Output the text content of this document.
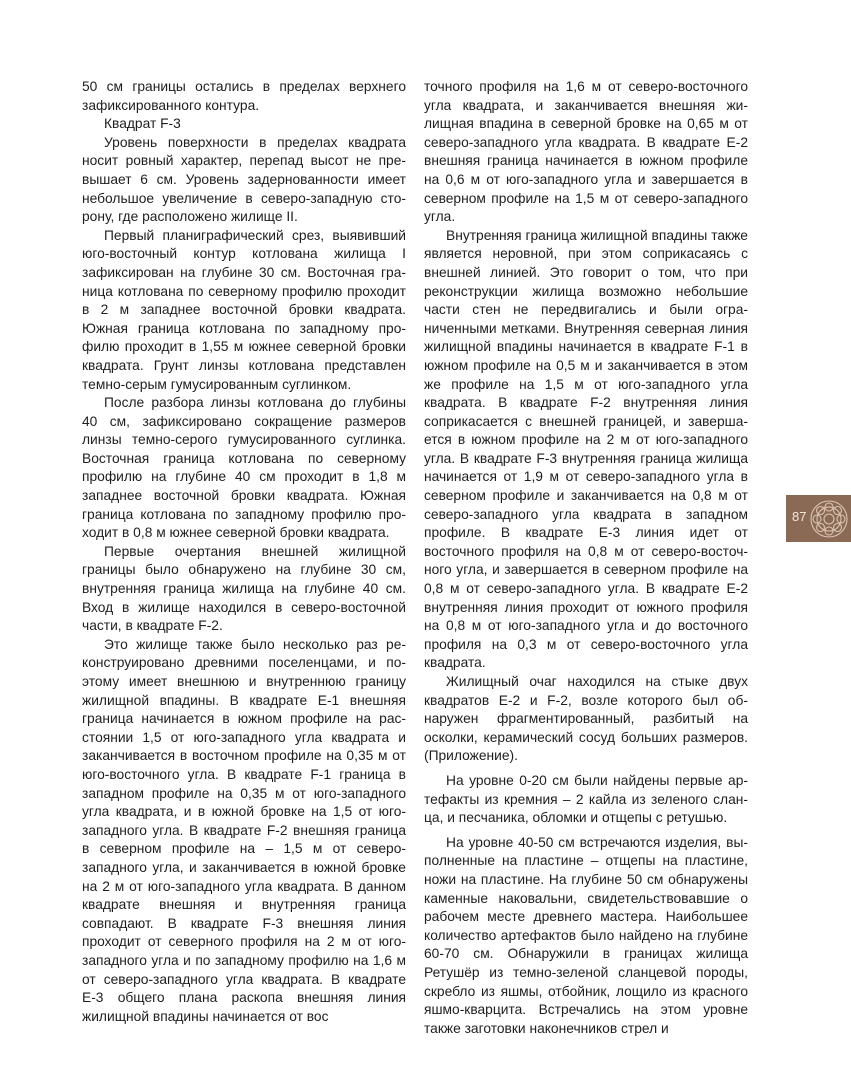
50 см границы остались в пределах верхнего зафиксированного контура.

Квадрат F-3

Уровень поверхности в пределах квадрата носит ровный характер, перепад высот не превышает 6 см. Уровень задернованности имеет небольшое увеличение в северо-западную сторону, где расположено жилище II.

Первый планиграфический срез, выявивший юго-восточный контур котлована жилища I зафиксирован на глубине 30 см. Восточная граница котлована по северному профилю проходит в 2 м западнее восточной бровки квадрата. Южная граница котлована по западному профилю проходит в 1,55 м южнее северной бровки квадрата. Грунт линзы котлована представлен темно-серым гумусированным суглинком.

После разбора линзы котлована до глубины 40 см, зафиксировано сокращение размеров линзы темно-серого гумусированного суглинка. Восточная граница котлована по северному профилю на глубине 40 см проходит в 1,8 м западнее восточной бровки квадрата. Южная граница котлована по западному профилю проходит в 0,8 м южнее северной бровки квадрата.

Первые очертания внешней жилищной границы было обнаружено на глубине 30 см, внутренняя граница жилища на глубине 40 см. Вход в жилище находился в северо-восточной части, в квадрате F-2.

Это жилище также было несколько раз реконструировано древними поселенцами, и поэтому имеет внешнюю и внутреннюю границу жилищной впадины. В квадрате Е-1 внешняя граница начинается в южном профиле на расстоянии 1,5 от юго-западного угла квадрата и заканчивается в восточном профиле на 0,35 м от юго-восточного угла. В квадрате F-1 граница в западном профиле на 0,35 м от юго-западного угла квадрата, и в южной бровке на 1,5 от юго-западного угла. В квадрате F-2 внешняя граница в северном профиле на – 1,5 м от северо-западного угла, и заканчивается в южной бровке на 2 м от юго-западного угла квадрата. В данном квадрате внешняя и внутренняя граница совпадают. В квадрате F-3 внешняя линия проходит от северного профиля на 2 м от юго-западного угла и по западному профилю на 1,6 м от северо-западного угла квадрата. В квадрате Е-3 общего плана раскопа внешняя линия жилищной впадины начинается от вос

точного профиля на 1,6 м от северо-восточного угла квадрата, и заканчивается внешняя жилищная впадина в северной бровке на 0,65 м от северо-западного угла квадрата. В квадрате Е-2 внешняя граница начинается в южном профиле на 0,6 м от юго-западного угла и завершается в северном профиле на 1,5 м от северо-западного угла.

Внутренняя граница жилищной впадины также является неровной, при этом соприкасаясь с внешней линией. Это говорит о том, что при реконструкции жилища возможно небольшие части стен не передвигались и были ограниченными метками. Внутренняя северная линия жилищной впадины начинается в квадрате F-1 в южном профиле на 0,5 м и заканчивается в этом же профиле на 1,5 м от юго-западного угла квадрата. В квадрате F-2 внутренняя линия соприкасается с внешней границей, и завершается в южном профиле на 2 м от юго-западного угла. В квадрате F-3 внутренняя граница жилища начинается от 1,9 м от северо-западного угла в северном профиле и заканчивается на 0,8 м от северо-западного угла квадрата в западном профиле. В квадрате Е-3 линия идет от восточного профиля на 0,8 м от северо-восточного угла, и завершается в северном профиле на 0,8 м от северо-западного угла. В квадрате Е-2 внутренняя линия проходит от южного профиля на 0,8 м от юго-западного угла и до восточного профиля на 0,3 м от северо-восточного угла квадрата.

Жилищный очаг находился на стыке двух квадратов Е-2 и F-2, возле которого был обнаружен фрагментированный, разбитый на осколки, керамический сосуд больших размеров. (Приложение).

На уровне 0-20 см были найдены первые артефакты из кремния – 2 кайла из зеленого сланца, и песчаника, обломки и отщепы с ретушью.

На уровне 40-50 см встречаются изделия, выполненные на пластине – отщепы на пластине, ножи на пластине. На глубине 50 см обнаружены каменные наковальни, свидетельствовавшие о рабочем месте древнего мастера. Наибольшее количество артефактов было найдено на глубине 60-70 см. Обнаружили в границах жилища Ретушёр из темно-зеленой сланцевой породы, скребло из яшмы, отбойник, лощило из красного яшмо-кварцита. Встречались на этом уровне также заготовки наконечников стрел и

87
